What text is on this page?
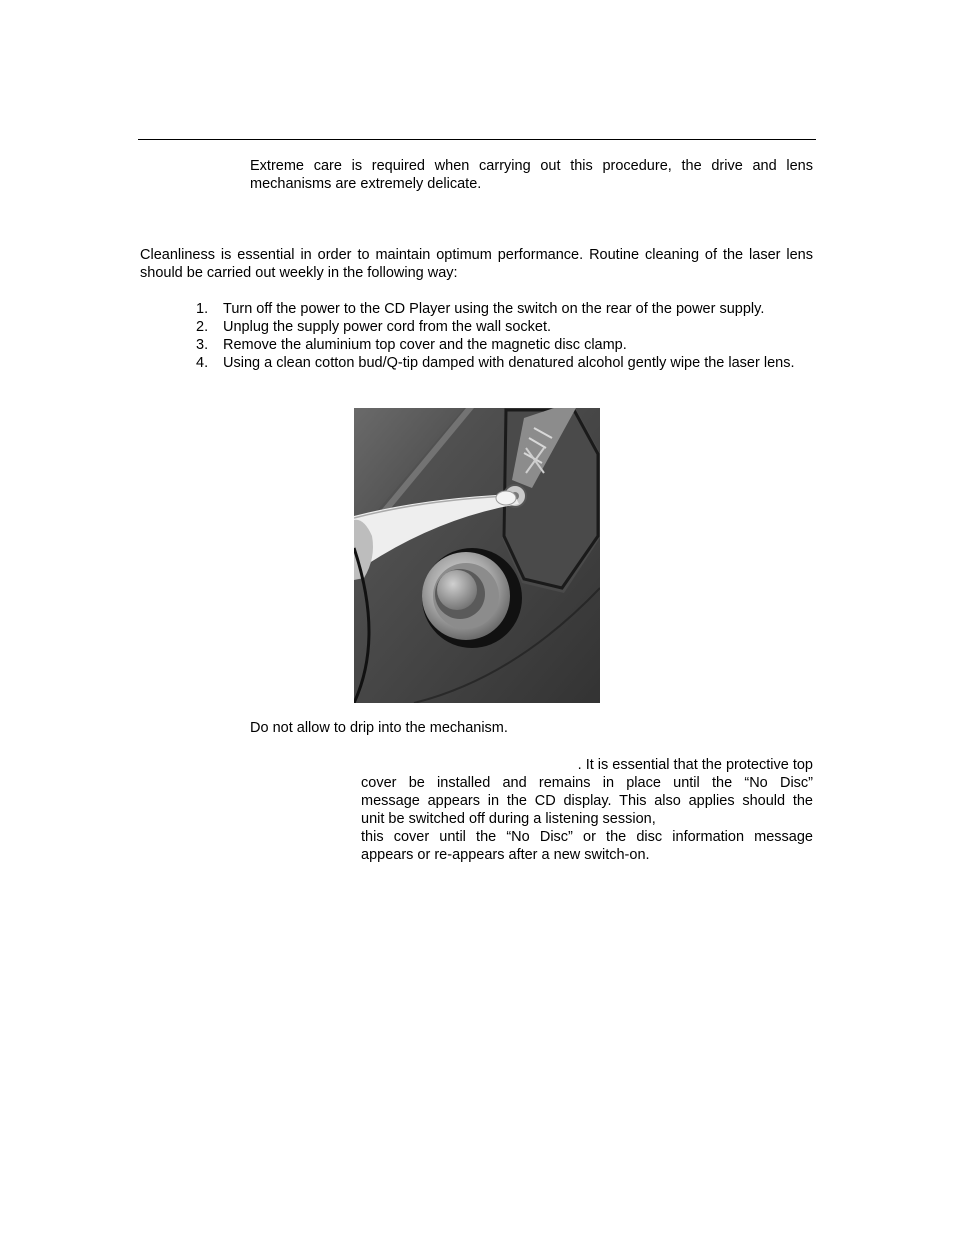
Extreme care is required when carrying out this procedure, the drive and lens mechanisms are extremely delicate.

Cleanliness is essential in order to maintain optimum performance. Routine cleaning of the laser lens should be carried out weekly in the following way:

1. Turn off the power to the CD Player using the switch on the rear of the power supply.
2. Unplug the supply power cord from the wall socket.
3. Remove the aluminium top cover and the magnetic disc clamp.
4. Using a clean cotton bud/Q-tip damped with denatured alcohol gently wipe the laser lens.

Do not allow to drip into the mechanism.

. It is essential that the protective top
cover be installed and remains in place until the “No Disc”
message appears in the CD display. This also applies should the
unit be switched off during a listening session,
this cover until the “No Disc” or the disc information message
appears or re-appears after a new switch-on.
